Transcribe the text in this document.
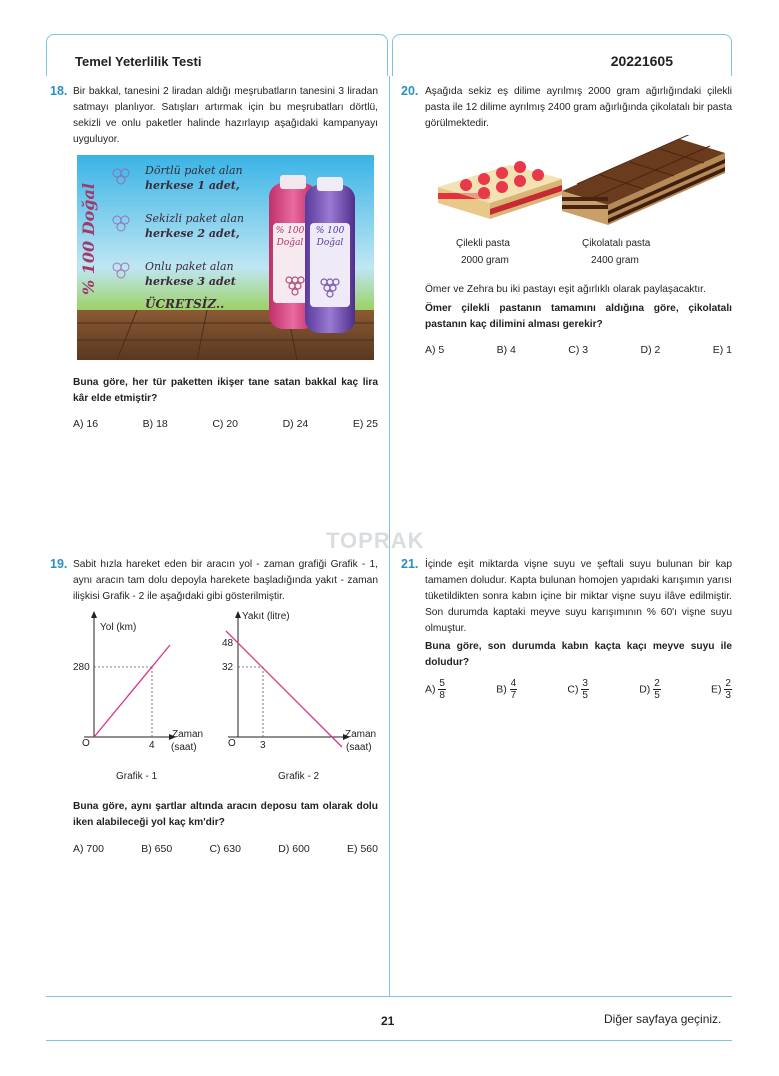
Temel Yeterlilik Testi	20221605
TOPRAK
18. Bir bakkal, tanesini 2 liradan aldığı meşrubatların tanesini 3 liradan satmayı planlıyor. Satışları artırmak için bu meşrubatları dörtlü, sekizli ve onlu paketler halinde hazırlayıp aşağıdaki kampanyayı uyguluyor.
% 100 Doğal
Dörtlü paket alan
herkese 1 adet,
Sekizli paket alan
herkese 2 adet,
Onlu paket alan
herkese 3 adet
ÜCRETSİZ..
% 100 Doğal
% 100 Doğal
Buna göre, her tür paketten ikişer tane satan bakkal kaç lira kâr elde etmiştir?
A) 16	B) 18	C) 20	D) 24	E) 25
19. Sabit hızla hareket eden bir aracın yol - zaman grafiği Grafik - 1, aynı aracın tam dolu depoyla harekete başladığında yakıt - zaman ilişkisi Grafik - 2 ile aşağıdaki gibi gösterilmiştir.
Yol (km)
280
O	4
Zaman
(saat)
Grafik - 1
Yakıt (litre)
48
32
O 3
Zaman
(saat)
Grafik - 2
Buna göre, aynı şartlar altında aracın deposu tam olarak dolu iken alabileceği yol kaç km'dir?
A) 700	B) 650	C) 630	D) 600	E) 560
20. Aşağıda sekiz eş dilime ayrılmış 2000 gram ağırlığındaki çilekli pasta ile 12 dilime ayrılmış 2400 gram ağırlığında çikolatalı bir pasta görülmektedir.
Çilekli pasta
2000 gram
Çikolatalı pasta
2400 gram
Ömer ve Zehra bu iki pastayı eşit ağırlıklı olarak paylaşacaktır.
Ömer çilekli pastanın tamamını aldığına göre, çikolatalı pastanın kaç dilimini alması gerekir?
A) 5	B) 4	C) 3	D) 2	E) 1
21. İçinde eşit miktarda vişne suyu ve şeftali suyu bulunan bir kap tamamen doludur. Kapta bulunan homojen yapıdaki karışımın yarısı tüketildikten sonra kabın içine bir miktar vişne suyu ilâve edilmiştir. Son durumda kaptaki meyve suyu karışımının % 60'ı vişne suyu olmuştur.
Buna göre, son durumda kabın kaçta kaçı meyve suyu ile doludur?
$A) \frac{5}{8}$	$B) \frac{4}{7}$	$C) \frac{3}{5}$	$D) \frac{2}{5}$	$E) \frac{2}{3}$
21	Diğer sayfaya geçiniz.
